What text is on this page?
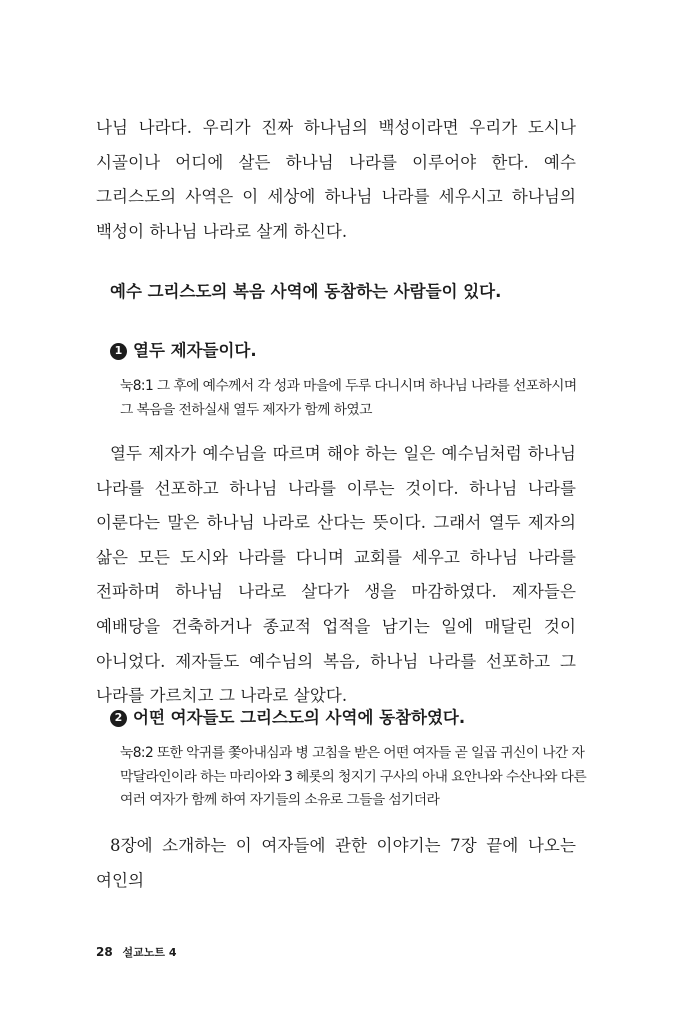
나님 나라다. 우리가 진짜 하나님의 백성이라면 우리가 도시나 시골이나 어디에 살든 하나님 나라를 이루어야 한다. 예수 그리스도의 사역은 이 세상에 하나님 나라를 세우시고 하나님의 백성이 하나님 나라로 살게 하신다.

예수 그리스도의 복음 사역에 동참하는 사람들이 있다.
1 열두 제자들이다.
눅8:1 그 후에 예수께서 각 성과 마을에 두루 다니시며 하나님 나라를 선포하시며 그 복음을 전하실새 열두 제자가 함께 하였고

열두 제자가 예수님을 따르며 해야 하는 일은 예수님처럼 하나님 나라를 선포하고 하나님 나라를 이루는 것이다. 하나님 나라를 이룬다는 말은 하나님 나라로 산다는 뜻이다. 그래서 열두 제자의 삶은 모든 도시와 나라를 다니며 교회를 세우고 하나님 나라를 전파하며 하나님 나라로 살다가 생을 마감하였다. 제자들은 예배당을 건축하거나 종교적 업적을 남기는 일에 매달린 것이 아니었다. 제자들도 예수님의 복음, 하나님 나라를 선포하고 그 나라를 가르치고 그 나라로 살았다.

2 어떤 여자들도 그리스도의 사역에 동참하였다.
눅8:2 또한 악귀를 쫓아내심과 병 고침을 받은 어떤 여자들 곧 일곱 귀신이 나간 자 막달라인이라 하는 마리아와 3 헤롯의 청지기 구사의 아내 요안나와 수산나와 다른 여러 여자가 함께 하여 자기들의 소유로 그들을 섬기더라

8장에 소개하는 이 여자들에 관한 이야기는 7장 끝에 나오는 여인의

28 설교노트 4
